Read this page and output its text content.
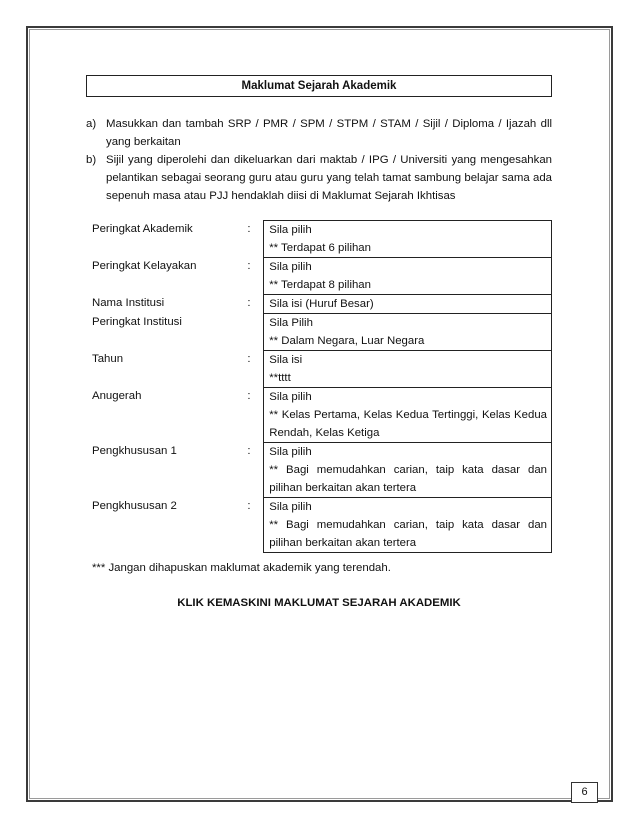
Maklumat Sejarah Akademik
a) Masukkan dan tambah SRP / PMR / SPM / STPM / STAM / Sijil / Diploma / Ijazah dll yang berkaitan
b) Sijil yang diperolehi dan dikeluarkan dari maktab / IPG / Universiti yang mengesahkan pelantikan sebagai seorang guru atau guru yang telah tamat sambung belajar sama ada sepenuh masa atau PJJ hendaklah diisi di Maklumat Sejarah Ikhtisas
Peringkat Akademik	:	Sila pilih
** Terdapat 6 pilihan
Peringkat Kelayakan	:	Sila pilih
** Terdapat 8 pilihan
Nama Institusi	:	Sila isi (Huruf Besar)
Peringkat Institusi	Sila Pilih
** Dalam Negara, Luar Negara
Tahun	:	Sila isi
**tttt
Anugerah	:	Sila pilih
** Kelas Pertama, Kelas Kedua Tertinggi, Kelas Kedua
Rendah, Kelas Ketiga
Pengkhususan 1	:	Sila pilih
** Bagi memudahkan carian, taip kata dasar dan
pilihan berkaitan akan tertera
Pengkhususan 2	:	Sila pilih
** Bagi memudahkan carian, taip kata dasar dan
pilihan berkaitan akan tertera
*** Jangan dihapuskan maklumat akademik yang terendah.
KLIK KEMASKINI MAKLUMAT SEJARAH AKADEMIK
6
